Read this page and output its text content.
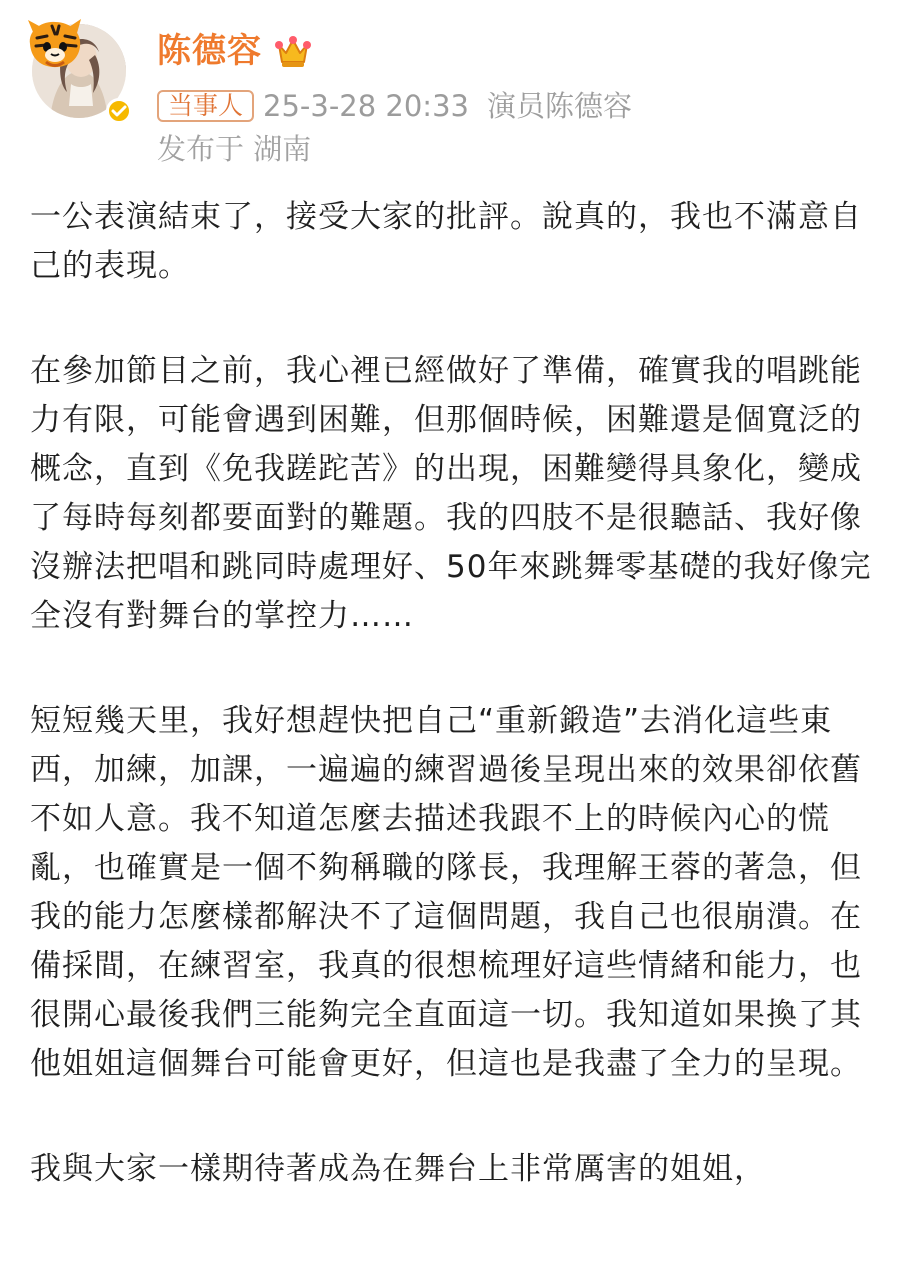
陈德容
当事人 25-3-28 20:33 演员陈德容
发布于 湖南

一公表演結束了，接受大家的批評。說真的，我也不滿意自己的表現。

在參加節目之前，我心裡已經做好了準備，確實我的唱跳能力有限，可能會遇到困難，但那個時候，困難還是個寬泛的概念，直到《免我蹉跎苦》的出現，困難變得具象化，變成了每時每刻都要面對的難題。我的四肢不是很聽話、我好像沒辦法把唱和跳同時處理好、50年來跳舞零基礎的我好像完全沒有對舞台的掌控力……

短短幾天里，我好想趕快把自己“重新鍛造”去消化這些東西，加練，加課，一遍遍的練習過後呈現出來的效果卻依舊不如人意。我不知道怎麼去描述我跟不上的時候內心的慌亂，也確實是一個不夠稱職的隊長，我理解王蓉的著急，但我的能力怎麼樣都解決不了這個問題，我自己也很崩潰。在備採間，在練習室，我真的很想梳理好這些情緒和能力，也很開心最後我們三能夠完全直面這一切。我知道如果換了其他姐姐這個舞台可能會更好，但這也是我盡了全力的呈現。

我與大家一樣期待著成為在舞台上非常厲害的姐姐，
